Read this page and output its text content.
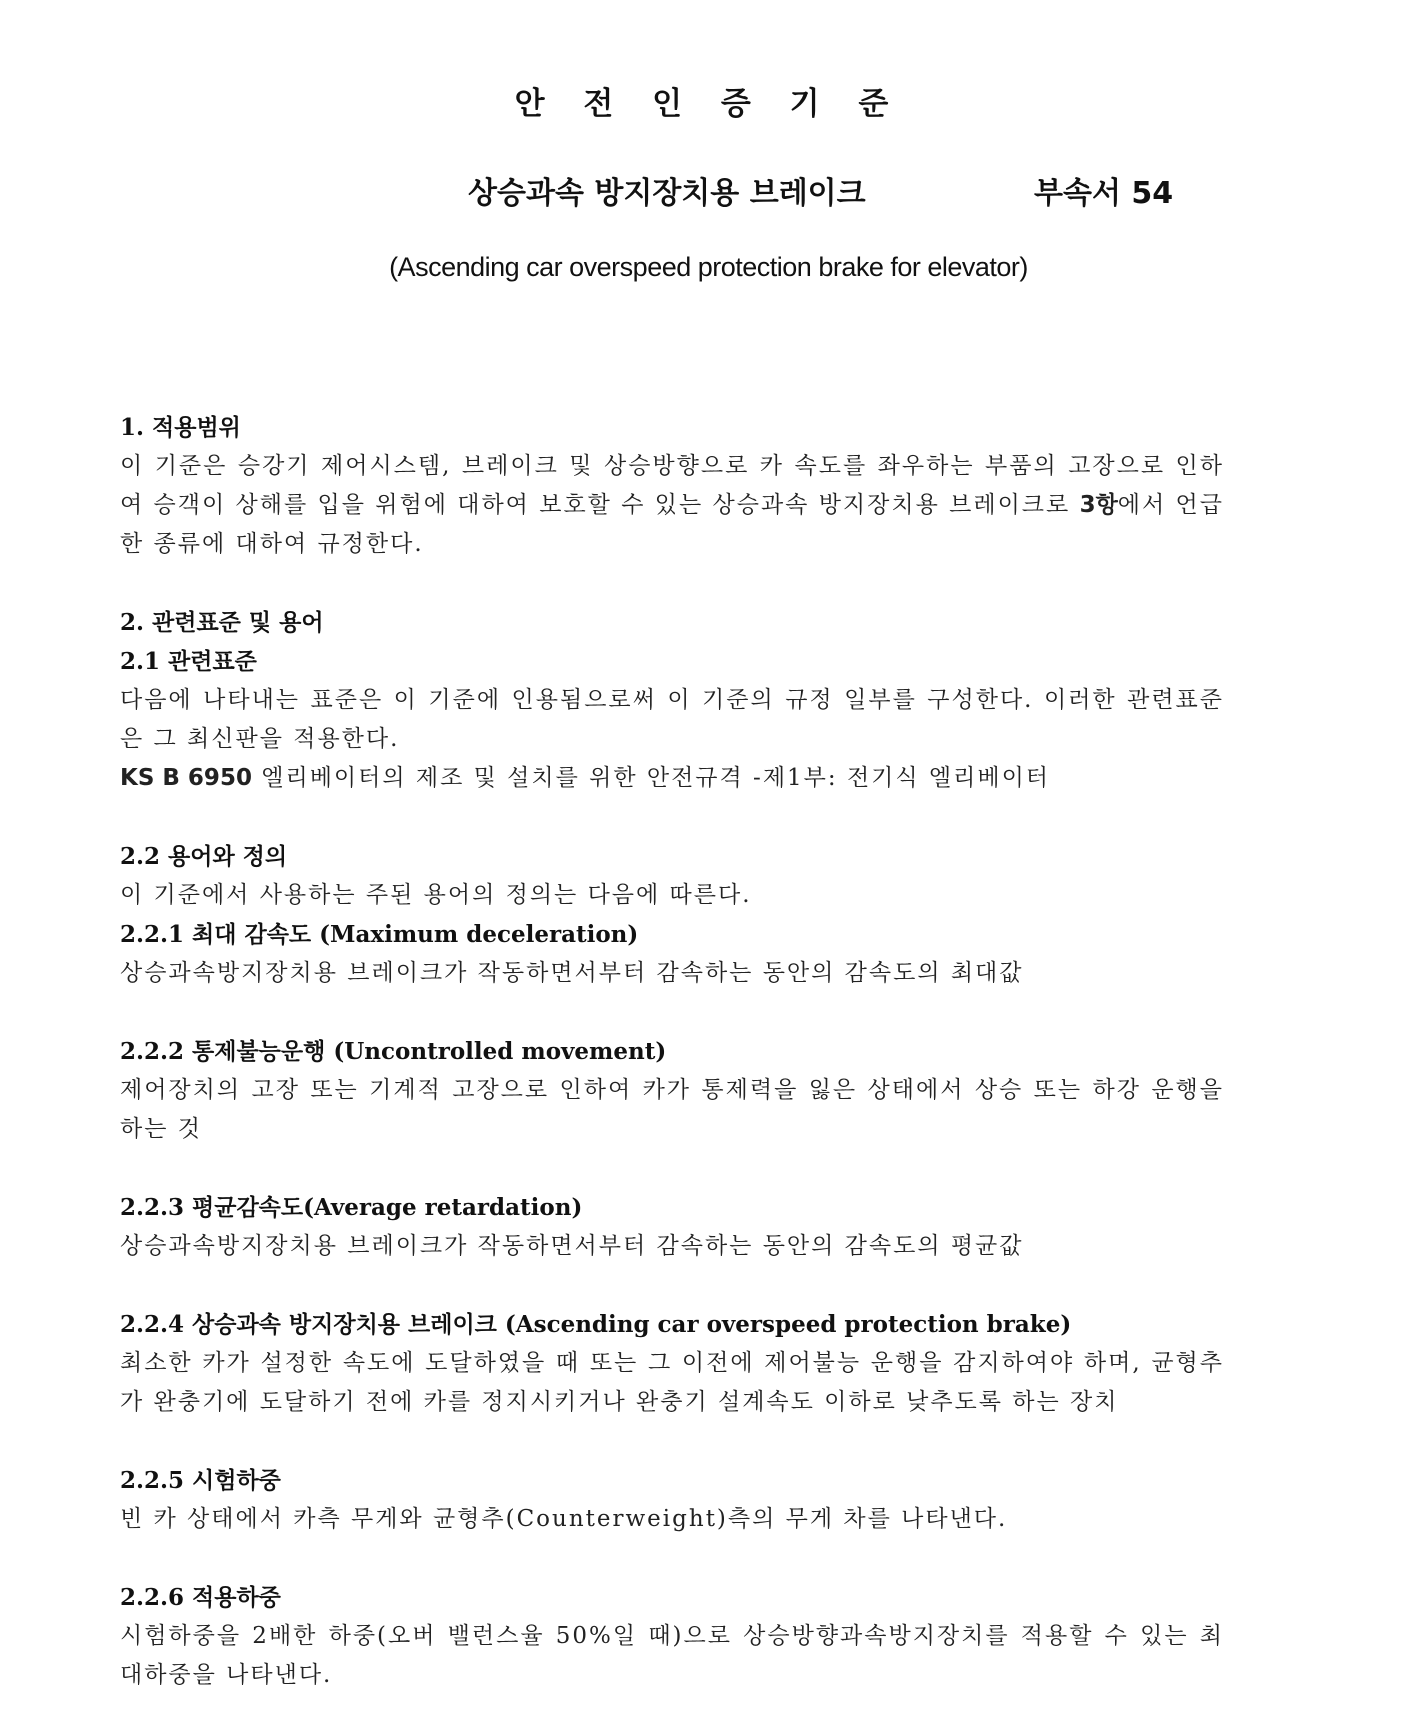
안 전 인 증 기 준
상승과속 방지장치용 브레이크	부속서 54
(Ascending car overspeed protection brake for elevator)

1. 적용범위

이 기준은 승강기 제어시스템, 브레이크 및 상승방향으로 카 속도를 좌우하는 부품의 고장으로 인하여 승객이 상해를 입을 위험에 대하여 보호할 수 있는 상승과속 방지장치용 브레이크로 3항에서 언급한 종류에 대하여 규정한다.

2. 관련표준 및 용어

2.1 관련표준

다음에 나타내는 표준은 이 기준에 인용됨으로써 이 기준의 규정 일부를 구성한다. 이러한 관련표준은 그 최신판을 적용한다.

KS B 6950 엘리베이터의 제조 및 설치를 위한 안전규격 -제1부: 전기식 엘리베이터

2.2 용어와 정의

이 기준에서 사용하는 주된 용어의 정의는 다음에 따른다.

2.2.1 최대 감속도 (Maximum deceleration)

상승과속방지장치용 브레이크가 작동하면서부터 감속하는 동안의 감속도의 최대값

2.2.2 통제불능운행 (Uncontrolled movement)

제어장치의 고장 또는 기계적 고장으로 인하여 카가 통제력을 잃은 상태에서 상승 또는 하강 운행을 하는 것

2.2.3 평균감속도(Average retardation)

상승과속방지장치용 브레이크가 작동하면서부터 감속하는 동안의 감속도의 평균값

2.2.4 상승과속 방지장치용 브레이크 (Ascending car overspeed protection brake)

최소한 카가 설정한 속도에 도달하였을 때 또는 그 이전에 제어불능 운행을 감지하여야 하며, 균형추가 완충기에 도달하기 전에 카를 정지시키거나 완충기 설계속도 이하로 낮추도록 하는 장치

2.2.5 시험하중

빈 카 상태에서 카측 무게와 균형추(Counterweight)측의 무게 차를 나타낸다.

2.2.6 적용하중

시험하중을 2배한 하중(오버 밸런스율 50%일 때)으로 상승방향과속방지장치를 적용할 수 있는 최대하중을 나타낸다.
